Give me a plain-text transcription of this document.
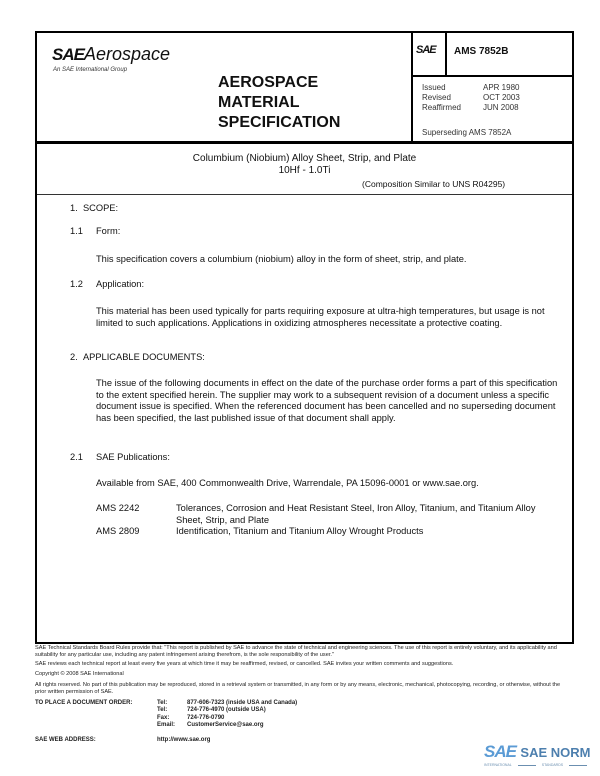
SAEAerospace
An SAE International Group
AEROSPACE
MATERIAL
SPECIFICATION
SAE AMS 7852B
Issued	APR 1980
Revised	OCT 2003
Reaffirmed	JUN 2008
Superseding AMS 7852A
Columbium (Niobium) Alloy Sheet, Strip, and Plate
10Hf - 1.0Ti
(Composition Similar to UNS R04295)
1. SCOPE:
1.1 Form:
This specification covers a columbium (niobium) alloy in the form of sheet, strip, and plate.
1.2 Application:
This material has been used typically for parts requiring exposure at ultra-high temperatures, but usage is not limited to such applications. Applications in oxidizing atmospheres necessitate a protective coating.
2. APPLICABLE DOCUMENTS:
The issue of the following documents in effect on the date of the purchase order forms a part of this specification to the extent specified herein. The supplier may work to a subsequent revision of a document unless a specific document issue is specified. When the referenced document has been cancelled and no superseding document has been specified, the last published issue of that document shall apply.
2.1 SAE Publications:
Available from SAE, 400 Commonwealth Drive, Warrendale, PA 15096-0001 or www.sae.org.
AMS 2242	Tolerances, Corrosion and Heat Resistant Steel, Iron Alloy, Titanium, and Titanium Alloy Sheet, Strip, and Plate
AMS 2809	Identification, Titanium and Titanium Alloy Wrought Products
SAE Technical Standards Board Rules provide that: "This report is published by SAE to advance the state of technical and engineering sciences. The use of this report is entirely voluntary, and its applicability and suitability for any particular use, including any patent infringement arising therefrom, is the sole responsibility of the user."
SAE reviews each technical report at least every five years at which time it may be reaffirmed, revised, or cancelled. SAE invites your written comments and suggestions.
Copyright © 2008 SAE International
All rights reserved. No part of this publication may be reproduced, stored in a retrieval system or transmitted, in any form or by any means, electronic, mechanical, photocopying, recording, or otherwise, without the prior written permission of SAE.
TO PLACE A DOCUMENT ORDER:	Tel:	877-606-7323 (inside USA and Canada)
Tel:	724-776-4970 (outside USA)
Fax:	724-776-0790
Email:	CustomerService@sae.org
SAE WEB ADDRESS:	http://www.sae.org
SAE SAE NORM
INTERNATIONAL	STANDARDS
